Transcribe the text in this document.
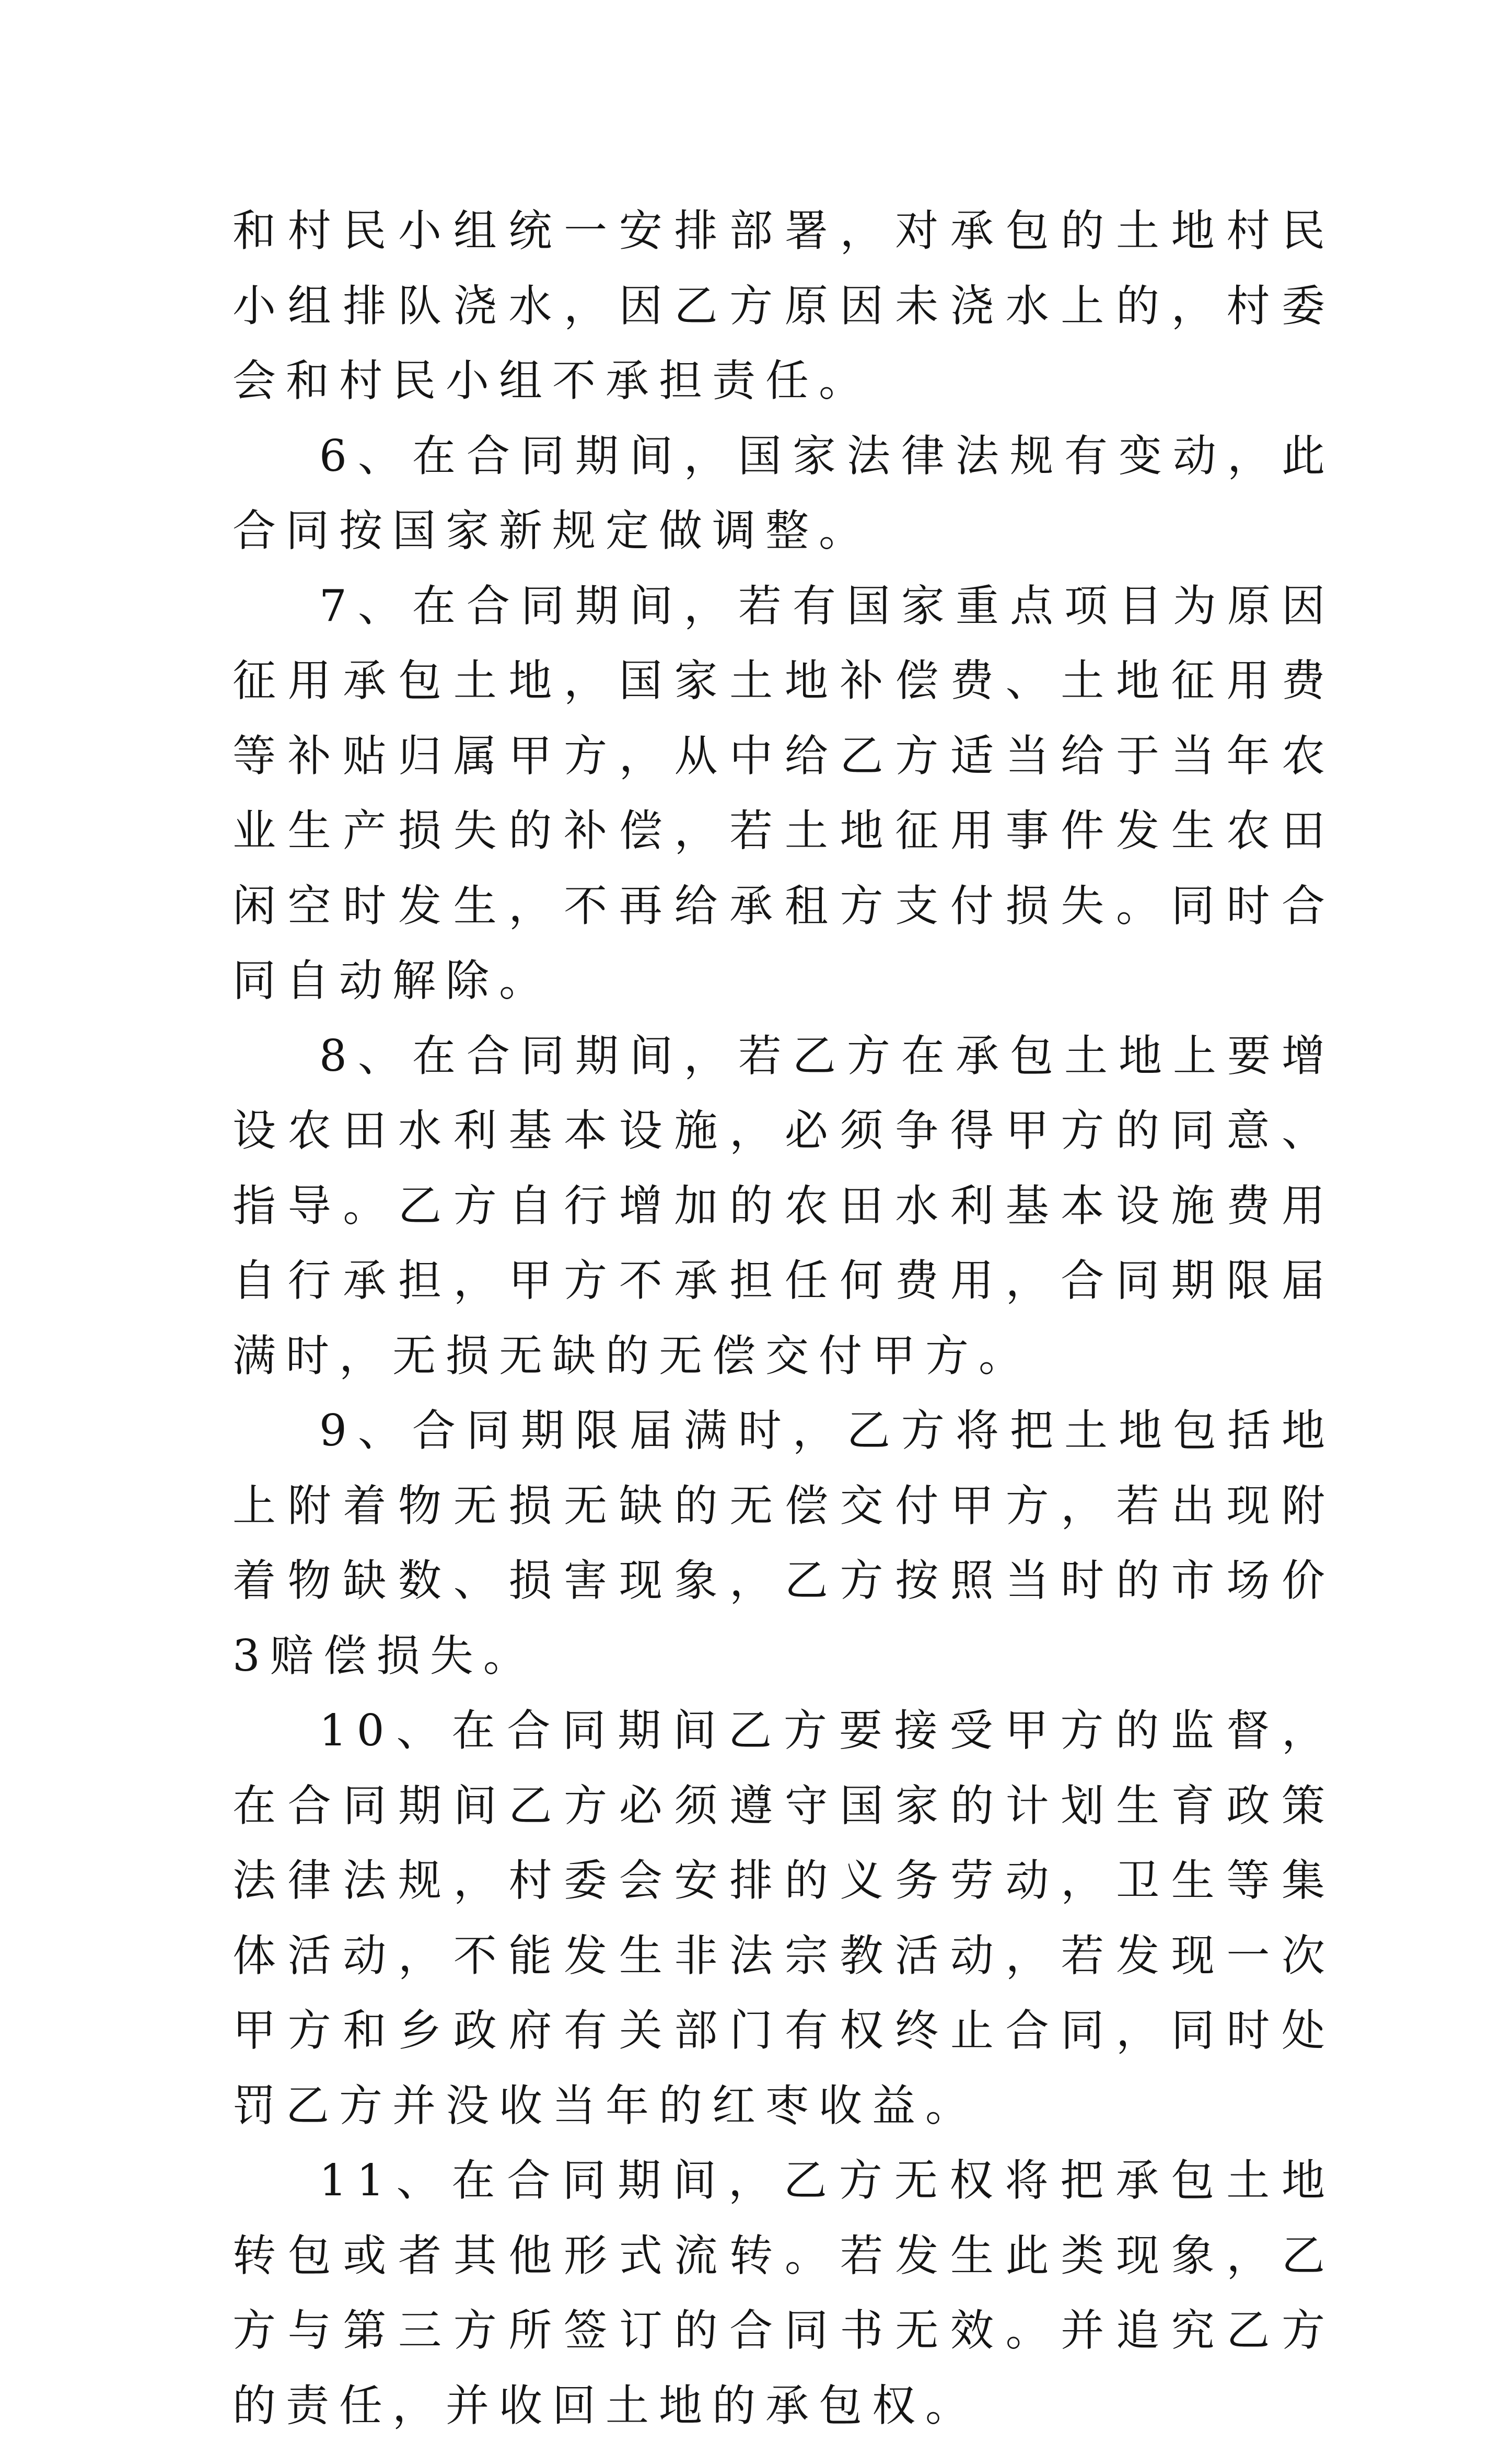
和村民小组统一安排部署，对承包的土地村民小组排队浇水，因乙方原因未浇水上的，村委会和村民小组不承担责任。

6、在合同期间，国家法律法规有变动，此合同按国家新规定做调整。

7、在合同期间，若有国家重点项目为原因征用承包土地，国家土地补偿费、土地征用费等补贴归属甲方，从中给乙方适当给于当年农业生产损失的补偿，若土地征用事件发生农田闲空时发生，不再给承租方支付损失。同时合同自动解除。

8、在合同期间，若乙方在承包土地上要增设农田水利基本设施，必须争得甲方的同意、指导。乙方自行增加的农田水利基本设施费用自行承担，甲方不承担任何费用，合同期限届满时，无损无缺的无偿交付甲方。

9、合同期限届满时，乙方将把土地包括地上附着物无损无缺的无偿交付甲方，若出现附着物缺数、损害现象，乙方按照当时的市场价3赔偿损失。

10、在合同期间乙方要接受甲方的监督，在合同期间乙方必须遵守国家的计划生育政策法律法规，村委会安排的义务劳动，卫生等集体活动，不能发生非法宗教活动，若发现一次甲方和乡政府有关部门有权终止合同，同时处罚乙方并没收当年的红枣收益。

11、在合同期间，乙方无权将把承包土地转包或者其他形式流转。若发生此类现象，乙方与第三方所签订的合同书无效。并追究乙方的责任，并收回土地的承包权。
